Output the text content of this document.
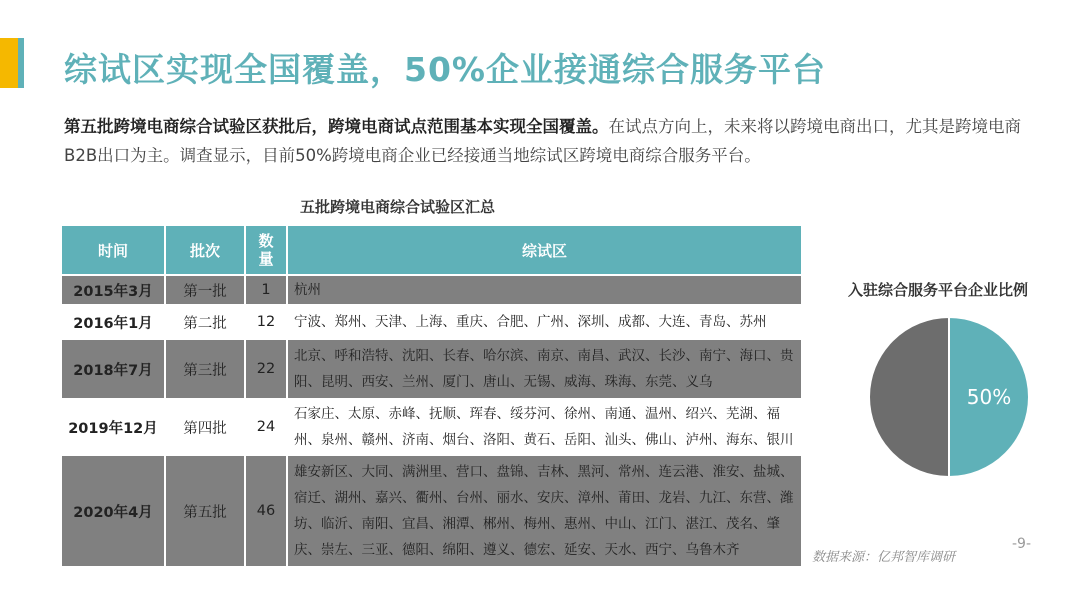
综试区实现全国覆盖，50%企业接通综合服务平台
第五批跨境电商综合试验区获批后，跨境电商试点范围基本实现全国覆盖。在试点方向上，未来将以跨境电商出口，尤其是跨境电商B2B出口为主。调查显示，目前50%跨境电商企业已经接通当地综试区跨境电商综合服务平台。
五批跨境电商综合试验区汇总
时间	批次	数量	综试区
2015年3月	第一批	1	杭州
2016年1月	第二批	12	宁波、郑州、天津、上海、重庆、合肥、广州、深圳、成都、大连、青岛、苏州
2018年7月	第三批	22	北京、呼和浩特、沈阳、长春、哈尔滨、南京、南昌、武汉、长沙、南宁、海口、贵阳、昆明、西安、兰州、厦门、唐山、无锡、威海、珠海、东莞、义乌
2019年12月	第四批	24	石家庄、太原、赤峰、抚顺、珲春、绥芬河、徐州、南通、温州、绍兴、芜湖、福州、泉州、赣州、济南、烟台、洛阳、黄石、岳阳、汕头、佛山、泸州、海东、银川
2020年4月	第五批	46	雄安新区、大同、满洲里、营口、盘锦、吉林、黑河、常州、连云港、淮安、盐城、宿迁、湖州、嘉兴、衢州、台州、丽水、安庆、漳州、莆田、龙岩、九江、东营、潍坊、临沂、南阳、宜昌、湘潭、郴州、梅州、惠州、中山、江门、湛江、茂名、肇庆、崇左、三亚、德阳、绵阳、遵义、德宏、延安、天水、西宁、乌鲁木齐
入驻综合服务平台企业比例
50%
数据来源：亿邦智库调研
-9-
